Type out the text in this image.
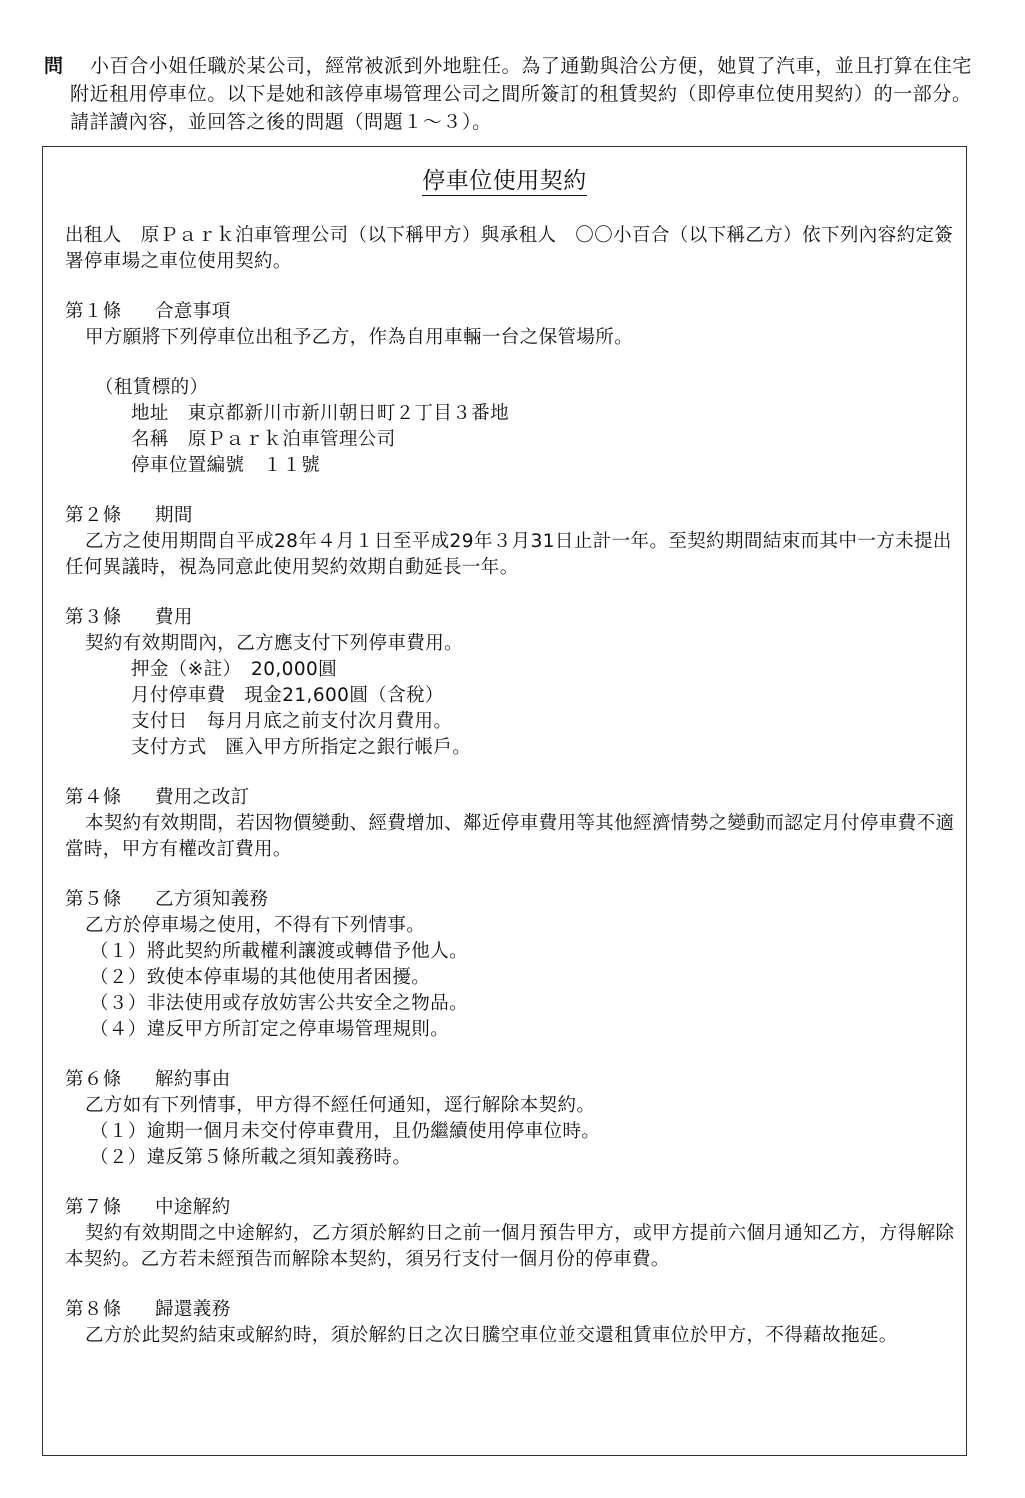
問	小百合小姐任職於某公司，經常被派到外地駐任。為了通勤與洽公方便，她買了汽車，並且打算在住宅附近租用停車位。以下是她和該停車場管理公司之間所簽訂的租賃契約（即停車位使用契約）的一部分。請詳讀內容，並回答之後的問題（問題１～３）。
停車位使用契約

出租人　原Ｐａｒｋ泊車管理公司（以下稱甲方）與承租人　〇〇小百合（以下稱乙方）依下列內容約定簽署停車場之車位使用契約。

第１條 合意事項

甲方願將下列停車位出租予乙方，作為自用車輛一台之保管場所。

（租賃標的）

地址　東京都新川市新川朝日町２丁目３番地

名稱　原Ｐａｒｋ泊車管理公司

停車位置編號　１１號

第２條 期間

乙方之使用期間自平成28年４月１日至平成29年３月31日止計一年。至契約期間結束而其中一方未提出任何異議時，視為同意此使用契約效期自動延長一年。

第３條 費用

契約有效期間內，乙方應支付下列停車費用。

押金（※註）　20,000圓

月付停車費　現金21,600圓（含稅）

支付日　每月月底之前支付次月費用。

支付方式　匯入甲方所指定之銀行帳戶。

第４條 費用之改訂

本契約有效期間，若因物價變動、經費增加、鄰近停車費用等其他經濟情勢之變動而認定月付停車費不適當時，甲方有權改訂費用。

第５條 乙方須知義務

乙方於停車場之使用，不得有下列情事。

（１）將此契約所載權利讓渡或轉借予他人。

（２）致使本停車場的其他使用者困擾。

（３）非法使用或存放妨害公共安全之物品。

（４）違反甲方所訂定之停車場管理規則。

第６條 解約事由

乙方如有下列情事，甲方得不經任何通知，逕行解除本契約。

（１）逾期一個月未交付停車費用，且仍繼續使用停車位時。

（２）違反第５條所載之須知義務時。

第７條 中途解約

契約有效期間之中途解約，乙方須於解約日之前一個月預告甲方，或甲方提前六個月通知乙方，方得解除本契約。乙方若未經預告而解除本契約，須另行支付一個月份的停車費。

第８條 歸還義務

乙方於此契約結束或解約時，須於解約日之次日騰空車位並交還租賃車位於甲方，不得藉故拖延。
